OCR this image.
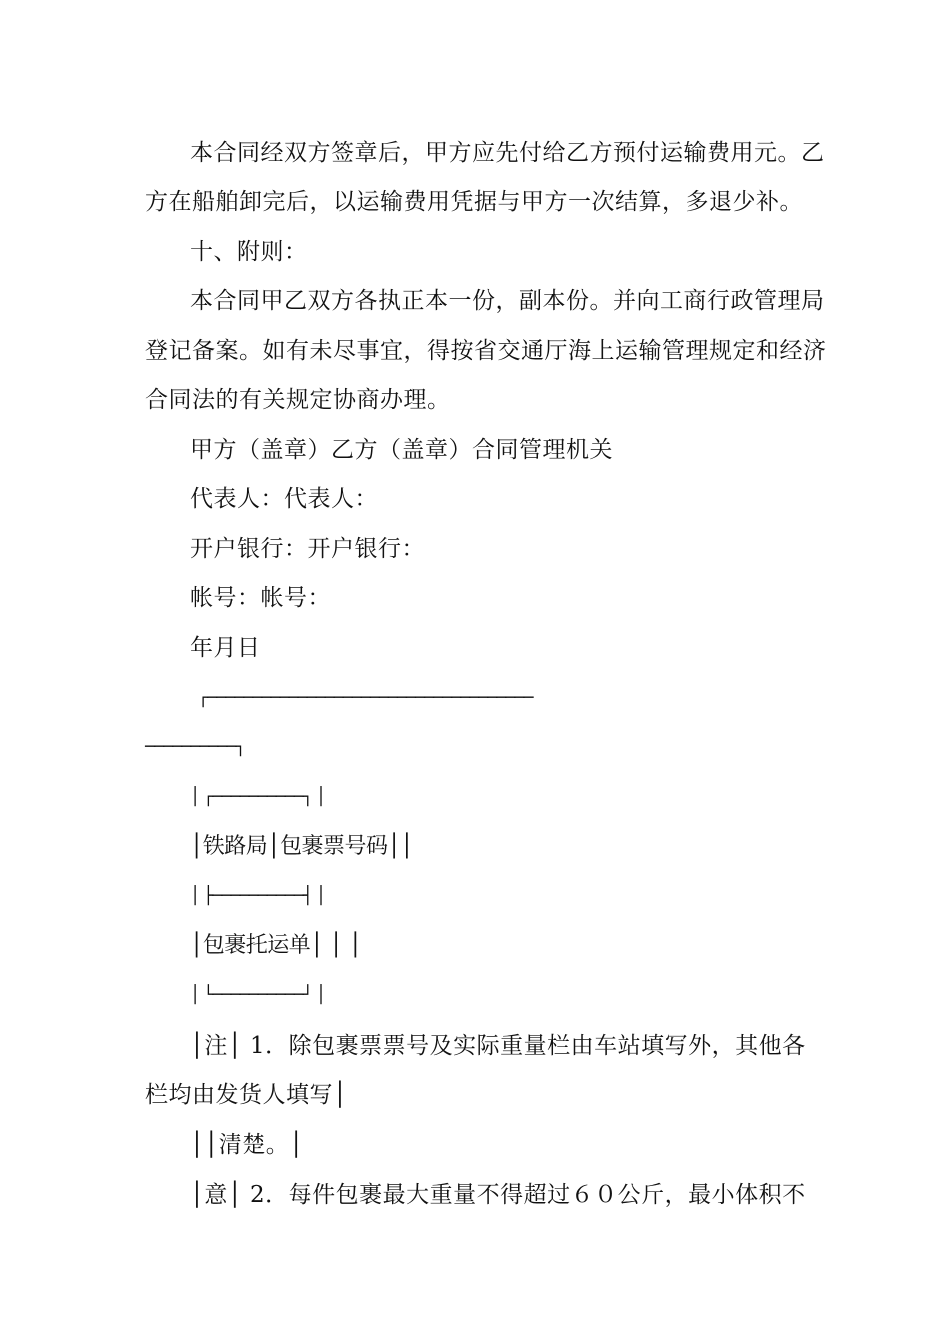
本合同经双方签章后，甲方应先付给乙方预付运输费用元。乙
方在船舶卸完后，以运输费用凭据与甲方一次结算，多退少补。
十、附则：
本合同甲乙双方各执正本一份，副本份。并向工商行政管理局
登记备案。如有未尽事宜，得按省交通厅海上运输管理规定和经济
合同法的有关规定协商办理。
甲方（盖章）乙方（盖章）合同管理机关
代表人：代表人：
开户银行：开户银行：
帐号：帐号：
年月日
┌────────────────────────────────────
──────────┐
│ ┌──────────┐ │
│铁路局│包裹票号码││
│ ├──────────┤ │
│包裹托运单│ │ │
│ └──────────┘ │
│注│ 1．除包裹票票号及实际重量栏由车站填写外，其他各
栏均由发货人填写│
││清楚。│
│意│ 2．每件包裹最大重量不得超过６０公斤，最小体积不
